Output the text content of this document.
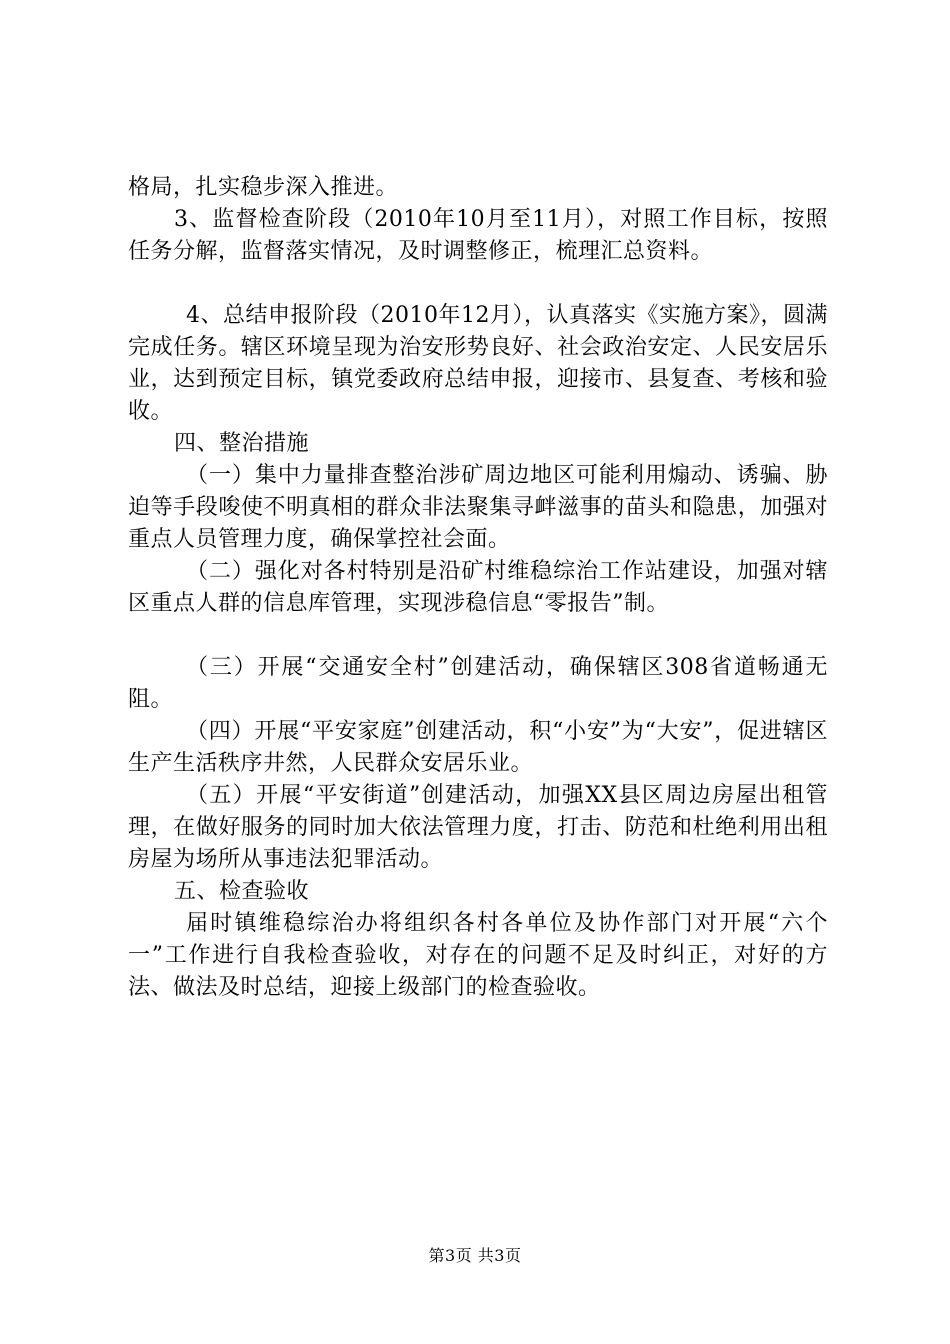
格局，扎实稳步深入推进。

3、监督检查阶段（2010年10月至11月），对照工作目标，按照任务分解，监督落实情况，及时调整修正，梳理汇总资料。

4、总结申报阶段（2010年12月），认真落实《实施方案》，圆满完成任务。辖区环境呈现为治安形势良好、社会政治安定、人民安居乐业，达到预定目标，镇党委政府总结申报，迎接市、县复查、考核和验收。

四、整治措施

（一）集中力量排查整治涉矿周边地区可能利用煽动、诱骗、胁迫等手段唆使不明真相的群众非法聚集寻衅滋事的苗头和隐患，加强对重点人员管理力度，确保掌控社会面。

（二）强化对各村特别是沿矿村维稳综治工作站建设，加强对辖区重点人群的信息库管理，实现涉稳信息“零报告”制。

（三）开展“交通安全村”创建活动，确保辖区308省道畅通无阻。

（四）开展“平安家庭”创建活动，积“小安”为“大安”，促进辖区生产生活秩序井然，人民群众安居乐业。

（五）开展“平安街道”创建活动，加强XX县区周边房屋出租管理，在做好服务的同时加大依法管理力度，打击、防范和杜绝利用出租房屋为场所从事违法犯罪活动。

五、检查验收

届时镇维稳综治办将组织各村各单位及协作部门对开展“六个一”工作进行自我检查验收，对存在的问题不足及时纠正，对好的方法、做法及时总结，迎接上级部门的检查验收。

第3页 共3页
